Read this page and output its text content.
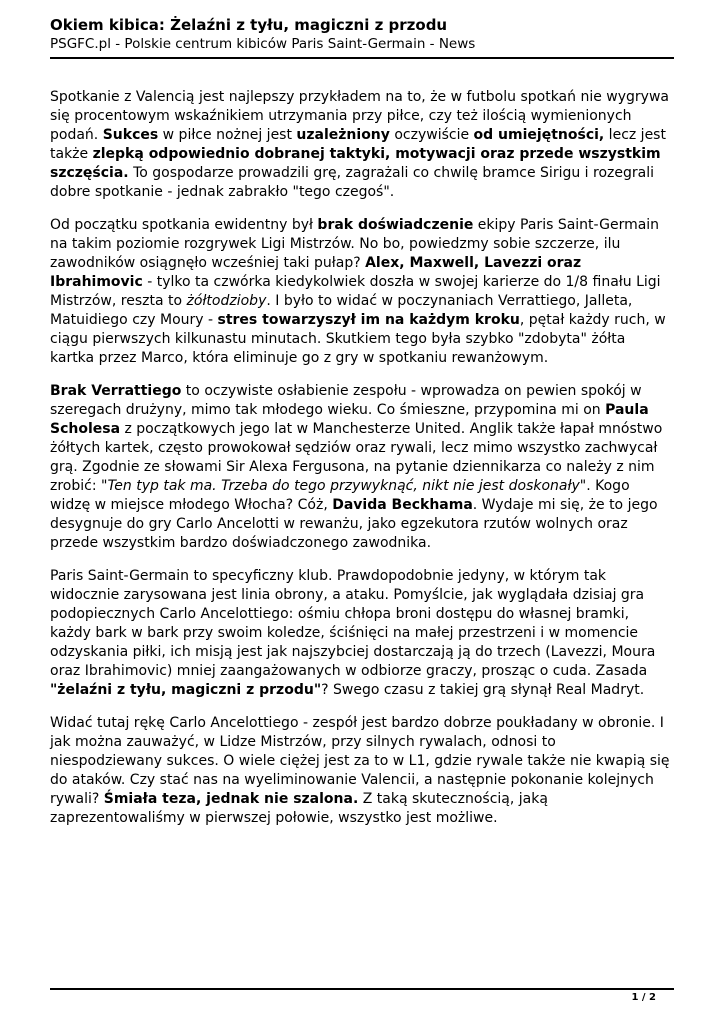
Okiem kibica: Żelaźni z tyłu, magiczni z przodu
PSGFC.pl - Polskie centrum kibiców Paris Saint-Germain - News

Spotkanie z Valencią jest najlepszy przykładem na to, że w futbolu spotkań nie wygrywa się procentowym wskaźnikiem utrzymania przy piłce, czy też ilością wymienionych podań. Sukces w piłce nożnej jest uzależniony oczywiście od umiejętności, lecz jest także zlepką odpowiednio dobranej taktyki, motywacji oraz przede wszystkim szczęścia. To gospodarze prowadzili grę, zagrażali co chwilę bramce Sirigu i rozegrali dobre spotkanie - jednak zabrakło "tego czegoś".

Od początku spotkania ewidentny był brak doświadczenie ekipy Paris Saint-Germain na takim poziomie rozgrywek Ligi Mistrzów. No bo, powiedzmy sobie szczerze, ilu zawodników osiągnęło wcześniej taki pułap? Alex, Maxwell, Lavezzi oraz Ibrahimovic - tylko ta czwórka kiedykolwiek doszła w swojej karierze do 1/8 finału Ligi Mistrzów, reszta to żółtodzioby. I było to widać w poczynaniach Verrattiego, Jalleta, Matuidiego czy Moury - stres towarzyszył im na każdym kroku, pętał każdy ruch, w ciągu pierwszych kilkunastu minutach. Skutkiem tego była szybko "zdobyta" żółta kartka przez Marco, która eliminuje go z gry w spotkaniu rewanżowym.

Brak Verrattiego to oczywiste osłabienie zespołu - wprowadza on pewien spokój w szeregach drużyny, mimo tak młodego wieku. Co śmieszne, przypomina mi on Paula Scholesa z początkowych jego lat w Manchesterze United. Anglik także łapał mnóstwo żółtych kartek, często prowokował sędziów oraz rywali, lecz mimo wszystko zachwycał grą. Zgodnie ze słowami Sir Alexa Fergusona, na pytanie dziennikarza co należy z nim zrobić: "Ten typ tak ma. Trzeba do tego przywyknąć, nikt nie jest doskonały". Kogo widzę w miejsce młodego Włocha? Cóż, Davida Beckhama. Wydaje mi się, że to jego desygnuje do gry Carlo Ancelotti w rewanżu, jako egzekutora rzutów wolnych oraz przede wszystkim bardzo doświadczonego zawodnika.

Paris Saint-Germain to specyficzny klub. Prawdopodobnie jedyny, w którym tak widocznie zarysowana jest linia obrony, a ataku. Pomyślcie, jak wyglądała dzisiaj gra podopiecznych Carlo Ancelottiego: ośmiu chłopa broni dostępu do własnej bramki, każdy bark w bark przy swoim koledze, ściśnięci na małej przestrzeni i w momencie odzyskania piłki, ich misją jest jak najszybciej dostarczają ją do trzech (Lavezzi, Moura oraz Ibrahimovic) mniej zaangażowanych w odbiorze graczy, prosząc o cuda. Zasada "żelaźni z tyłu, magiczni z przodu"? Swego czasu z takiej grą słynął Real Madryt.

Widać tutaj rękę Carlo Ancelottiego - zespół jest bardzo dobrze poukładany w obronie. I jak można zauważyć, w Lidze Mistrzów, przy silnych rywalach, odnosi to niespodziewany sukces. O wiele ciężej jest za to w L1, gdzie rywale także nie kwapią się do ataków. Czy stać nas na wyeliminowanie Valencii, a następnie pokonanie kolejnych rywali? Śmiała teza, jednak nie szalona. Z taką skutecznością, jaką zaprezentowaliśmy w pierwszej połowie, wszystko jest możliwe.

1 / 2
